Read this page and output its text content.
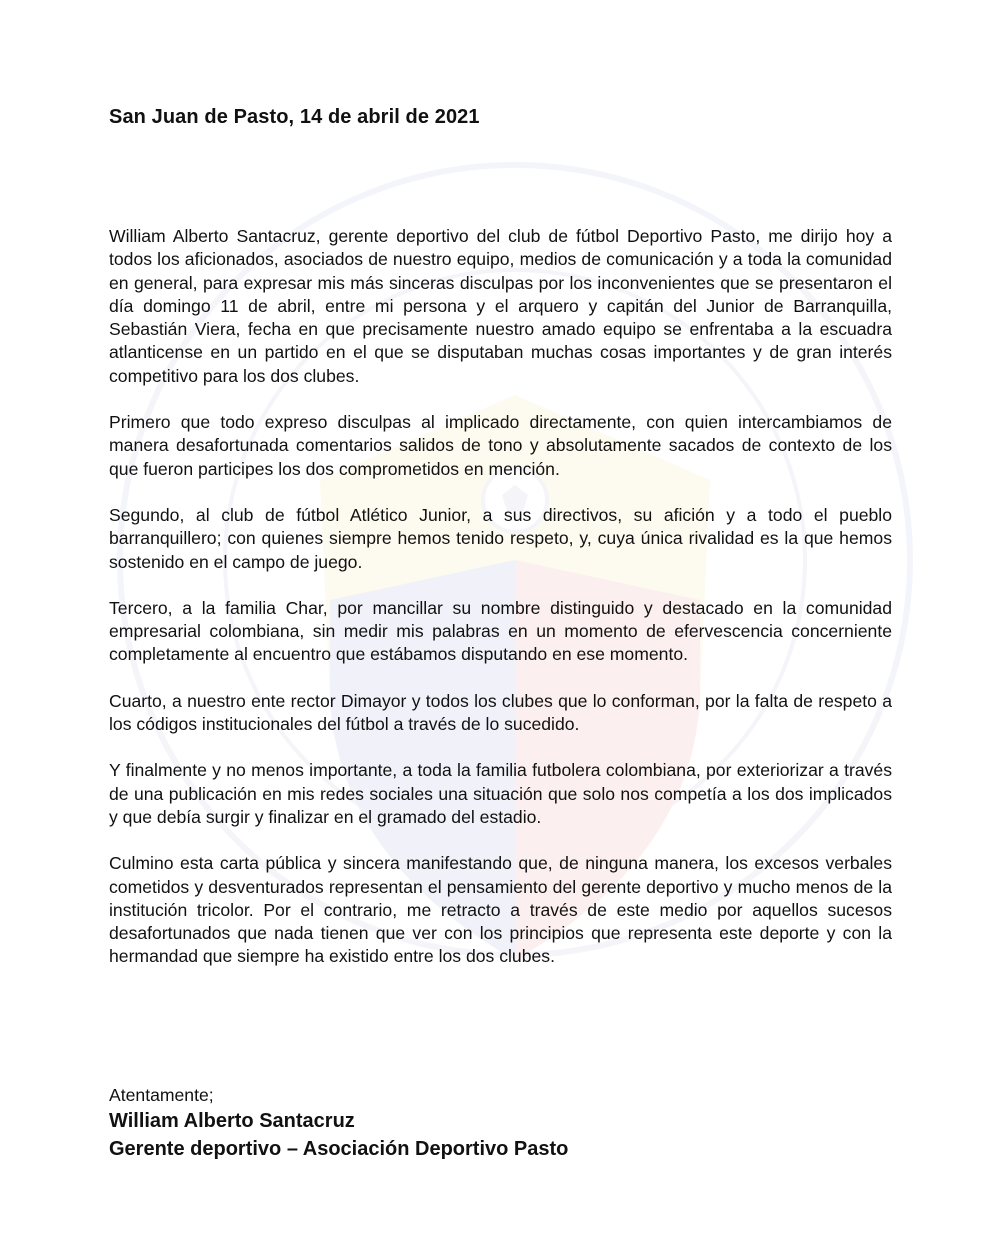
San Juan de Pasto, 14 de abril de 2021

William Alberto Santacruz, gerente deportivo del club de fútbol Deportivo Pasto, me dirijo hoy a todos los aficionados, asociados de nuestro equipo, medios de comunicación y a toda la comunidad en general, para expresar mis más sinceras disculpas por los inconvenientes que se presentaron el día domingo 11 de abril, entre mi persona y el arquero y capitán del Junior de Barranquilla, Sebastián Viera, fecha en que precisamente nuestro amado equipo se enfrentaba a la escuadra atlanticense en un partido en el que se disputaban muchas cosas importantes y de gran interés competitivo para los dos clubes.

Primero que todo expreso disculpas al implicado directamente, con quien intercambiamos de manera desafortunada comentarios salidos de tono y absolutamente sacados de contexto de los que fueron participes los dos comprometidos en mención.

Segundo, al club de fútbol Atlético Junior, a sus directivos, su afición y a todo el pueblo barranquillero; con quienes siempre hemos tenido respeto, y, cuya única rivalidad es la que hemos sostenido en el campo de juego.

Tercero, a la familia Char, por mancillar su nombre distinguido y destacado en la comunidad empresarial colombiana, sin medir mis palabras en un momento de efervescencia concerniente completamente al encuentro que estábamos disputando en ese momento.

Cuarto, a nuestro ente rector Dimayor y todos los clubes que lo conforman, por la falta de respeto a los códigos institucionales del fútbol a través de lo sucedido.

Y finalmente y no menos importante, a toda la familia futbolera colombiana, por exteriorizar a través de una publicación en mis redes sociales una situación que solo nos competía a los dos implicados y que debía surgir y finalizar en el gramado del estadio.

Culmino esta carta pública y sincera manifestando que, de ninguna manera, los excesos verbales cometidos y desventurados representan el pensamiento del gerente deportivo y mucho menos de la institución tricolor. Por el contrario, me retracto a través de este medio por aquellos sucesos desafortunados que nada tienen que ver con los principios que representa este deporte y con la hermandad que siempre ha existido entre los dos clubes.

Atentamente;

William Alberto Santacruz

Gerente deportivo – Asociación Deportivo Pasto
